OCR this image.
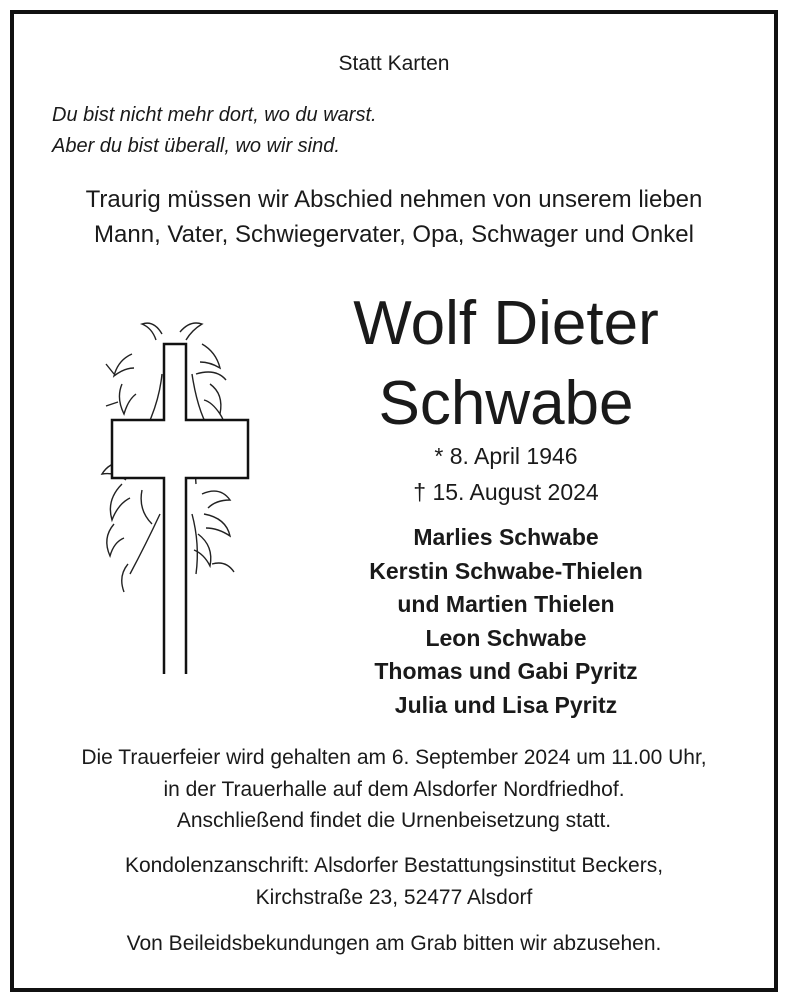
Statt Karten
Du bist nicht mehr dort, wo du warst.
Aber du bist überall, wo wir sind.
Traurig müssen wir Abschied nehmen von unserem lieben
Mann, Vater, Schwiegervater, Opa, Schwager und Onkel
Wolf Dieter
Schwabe
* 8. April 1946
† 15. August 2024
Marlies Schwabe
Kerstin Schwabe-Thielen
und Martien Thielen
Leon Schwabe
Thomas und Gabi Pyritz
Julia und Lisa Pyritz
Die Trauerfeier wird gehalten am 6. September 2024 um 11.00 Uhr,
in der Trauerhalle auf dem Alsdorfer Nordfriedhof.
Anschließend findet die Urnenbeisetzung statt.
Kondolenzanschrift: Alsdorfer Bestattungsinstitut Beckers,
Kirchstraße 23, 52477 Alsdorf
Von Beileidsbekundungen am Grab bitten wir abzusehen.
